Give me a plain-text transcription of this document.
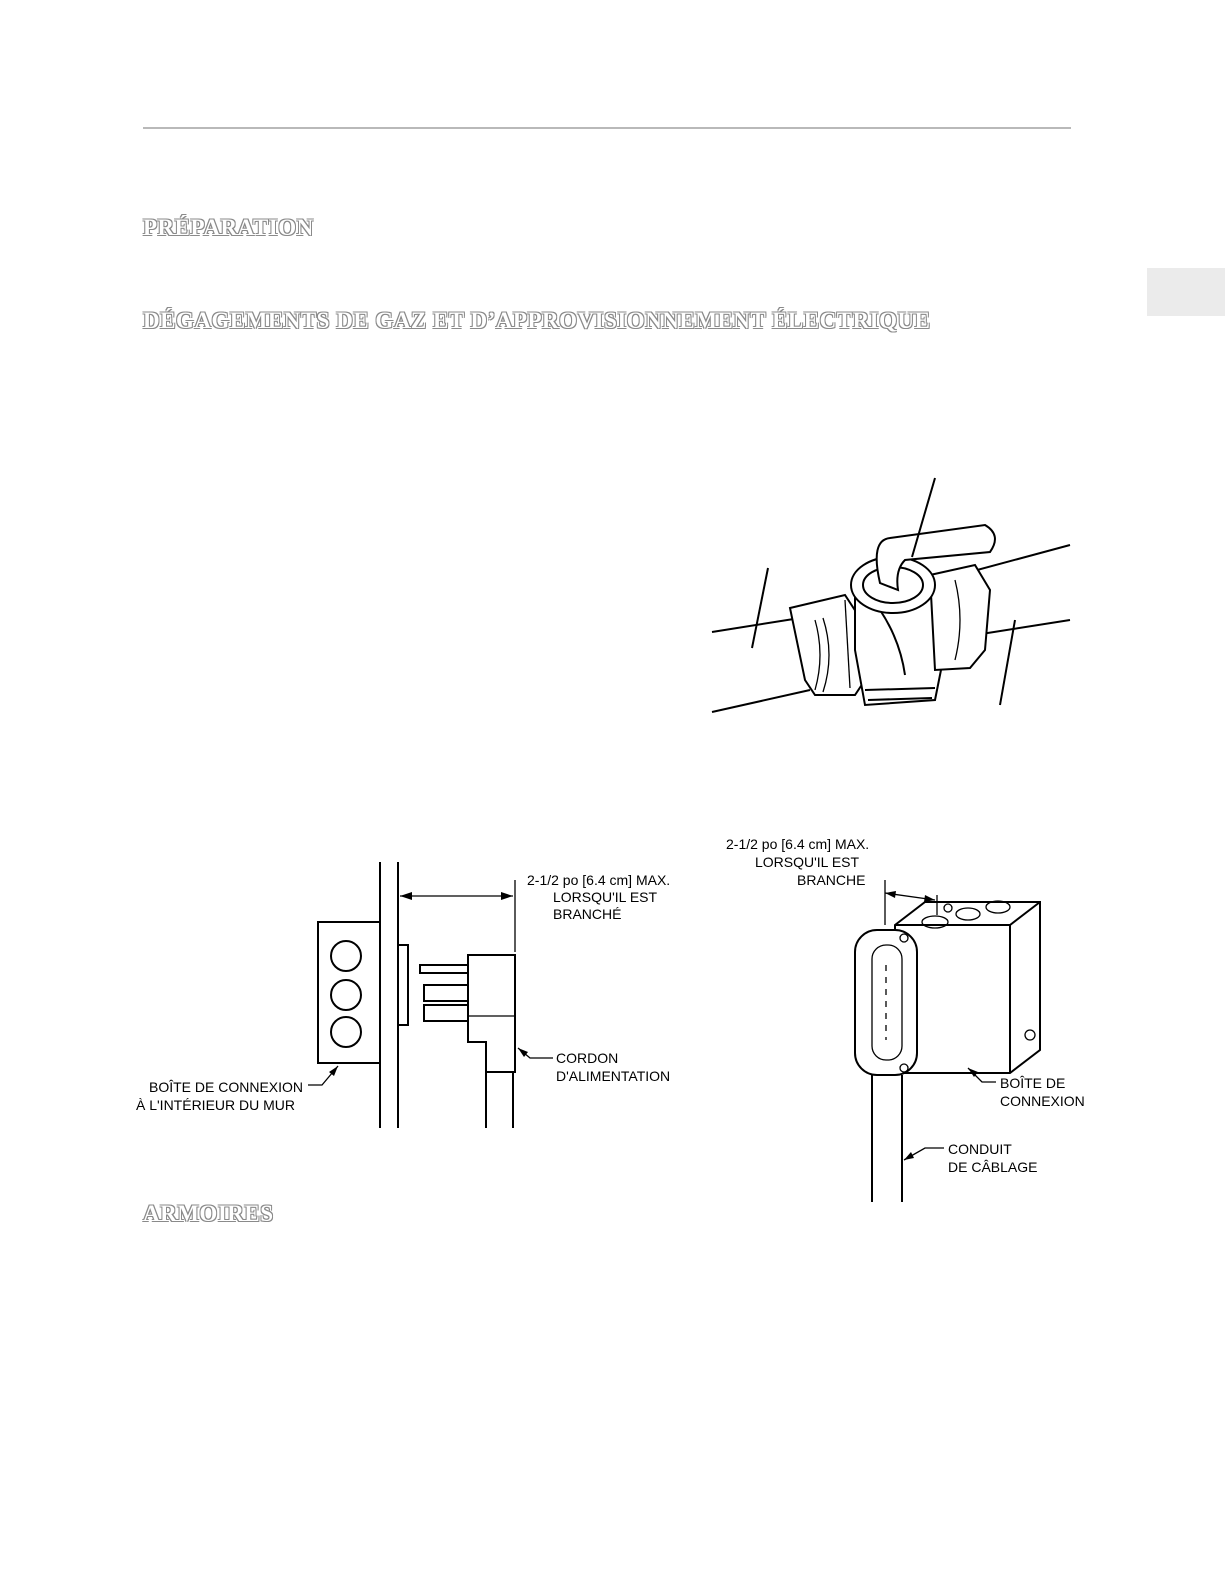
PRÉPARATION
DÉGAGEMENTS DE GAZ ET D’APPROVISIONNEMENT ÉLECTRIQUE
ARMOIRES
2-1/2 po [6.4 cm] MAX.
LORSQU'IL EST
BRANCHÉ
CORDON
D'ALIMENTATION
BOÎTE DE CONNEXION
À L'INTÉRIEUR DU MUR
2-1/2 po [6.4 cm] MAX.
LORSQU'IL EST
BRANCHE
BOÎTE DE
CONNEXION
CONDUIT
DE CÂBLAGE
